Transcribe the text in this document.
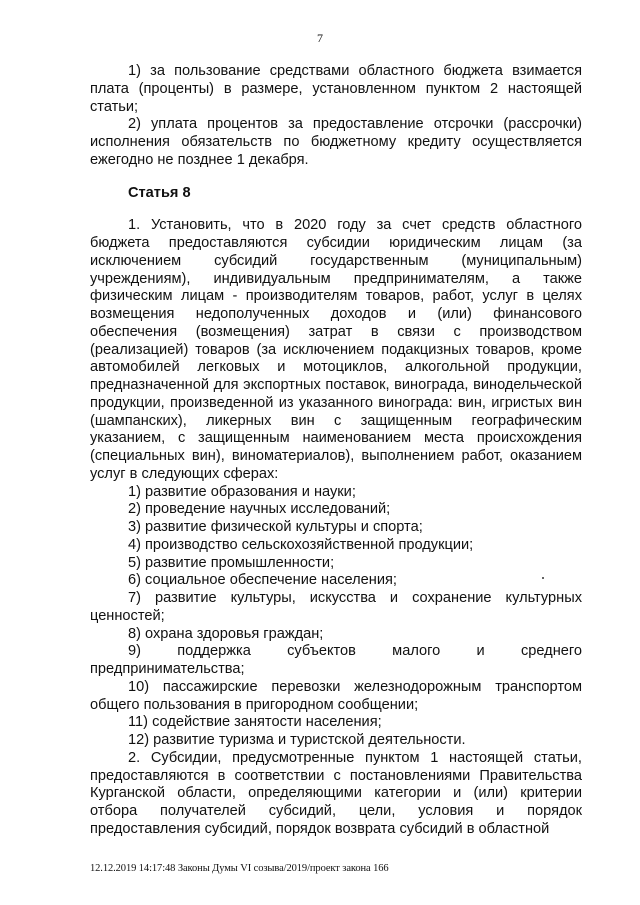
7

1) за пользование средствами областного бюджета взимается плата (проценты) в размере, установленном пунктом 2 настоящей статьи;

2) уплата процентов за предоставление отсрочки (рассрочки) исполнения обязательств по бюджетному кредиту осуществляется ежегодно не позднее 1 декабря.

Статья 8

1. Установить, что в 2020 году за счет средств областного бюджета предоставляются субсидии юридическим лицам (за исключением субсидий государственным (муниципальным) учреждениям), индивидуальным предпринимателям, а также физическим лицам - производителям товаров, работ, услуг в целях возмещения недополученных доходов и (или) финансового обеспечения (возмещения) затрат в связи с производством (реализацией) товаров (за исключением подакцизных товаров, кроме автомобилей легковых и мотоциклов, алкогольной продукции, предназначенной для экспортных поставок, винограда, винодельческой продукции, произведенной из указанного винограда: вин, игристых вин (шампанских), ликерных вин с защищенным географическим указанием, с защищенным наименованием места происхождения (специальных вин), виноматериалов), выполнением работ, оказанием услуг в следующих сферах:

1) развитие образования и науки;

2) проведение научных исследований;

3) развитие физической культуры и спорта;

4) производство сельскохозяйственной продукции;

5) развитие промышленности;

6) социальное обеспечение населения;

7) развитие культуры, искусства и сохранение культурных

ценностей;

8) охрана здоровья граждан;

9) поддержка субъектов малого и среднего

предпринимательства;

10) пассажирские перевозки железнодорожным транспортом

общего пользования в пригородном сообщении;

11) содействие занятости населения;

12) развитие туризма и туристской деятельности.

2. Субсидии, предусмотренные пунктом 1 настоящей статьи, предоставляются в соответствии с постановлениями Правительства Курганской области, определяющими категории и (или) критерии отбора получателей субсидий, цели, условия и порядок предоставления субсидий, порядок возврата субсидий в областной

12.12.2019 14:17:48 Законы Думы VI созыва/2019/проект закона 166
